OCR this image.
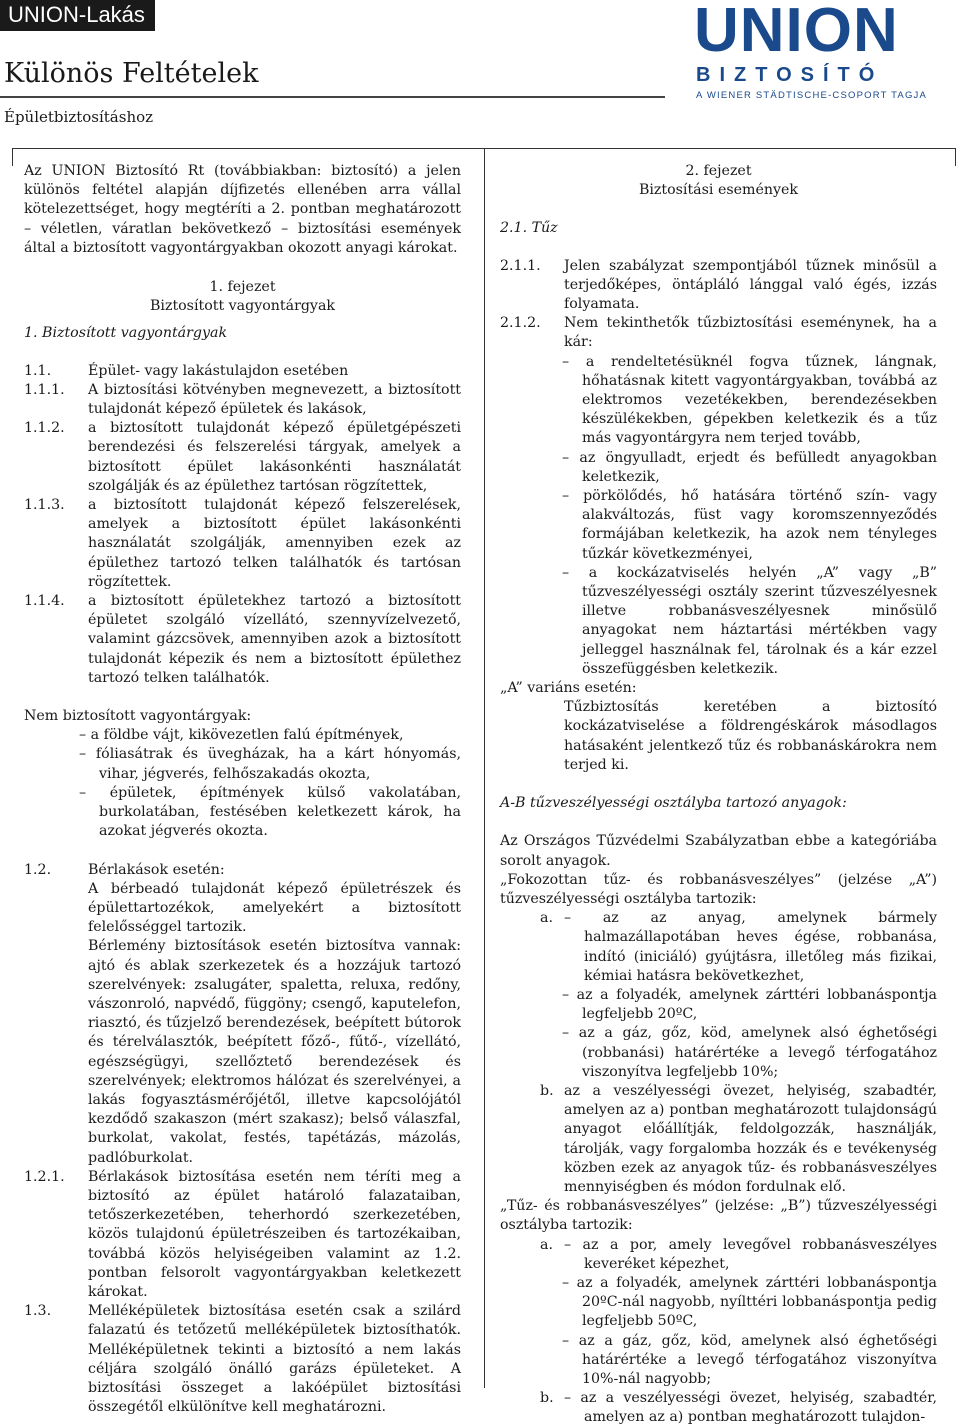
UNION-Lakás
Különös Feltételek
Épületbiztosításhoz
UNION
BIZTOSÍTÓ
A WIENER STÄDTISCHE-CSOPORT TAGJA

Az UNION Biztosító Rt (továbbiakban: biztosító) a jelen különös feltétel alapján díjfizetés ellenében arra vállal kötelezettséget, hogy megtéríti a 2. pontban meghatározott – véletlen, váratlan bekövetkező – biztosítási események által a biztosított vagyontárgyakban okozott anyagi károkat.

1. fejezet

Biztosított vagyontárgyak

1. Biztosított vagyontárgyak

1.1.	Épület- vagy lakástulajdon esetében
1.1.1.	A biztosítási kötvényben megnevezett, a biztosított tulajdonát képező épületek és lakások,
1.1.2.	a biztosított tulajdonát képező épületgépészeti berendezési és felszerelési tárgyak, amelyek a biztosított épület lakásonkénti használatát szolgálják és az épülethez tartósan rögzítettek,
1.1.3.	a biztosított tulajdonát képező felszerelések, amelyek a biztosított épület lakásonkénti használatát szolgálják, amennyiben ezek az épülethez tartozó telken találhatók és tartósan rögzítettek.
1.1.4.	a biztosított épületekhez tartozó a biztosított épületet szolgáló vízellátó, szennyvízelvezető, valamint gázcsövek, amennyiben azok a biztosított tulajdonát képezik és nem a biztosított épülethez tartozó telken találhatók.

Nem biztosított vagyontárgyak:

– a földbe vájt, kikövezetlen falú építmények,

– fóliasátrak és üvegházak, ha a kárt hónyomás, vihar, jégverés, felhőszakadás okozta,

– épületek, építmények külső vakolatában, burkolatában, festésében keletkezett károk, ha azokat jégverés okozta.

1.2.	Bérlakások esetén:

A bérbeadó tulajdonát képező épületrészek és épülettartozékok, amelyekért a biztosított felelősséggel tartozik.

Bérlemény biztosítások esetén biztosítva vannak: ajtó és ablak szerkezetek és a hozzájuk tartozó szerelvények: zsalugáter, spaletta, reluxa, redőny, vászonroló, napvédő, függöny; csengő, kaputelefon, riasztó, és tűzjelző berendezések, beépített bútorok és térelválasztók, beépített főző-, fűtő-, vízellátó, egészségügyi, szellőztető berendezések és szerelvények; elektromos hálózat és szerelvényei, a lakás fogyasztásmérőjétől, illetve kapcsolójától kezdődő szakaszon (mért szakasz); belső válaszfal, burkolat, vakolat, festés, tapétázás, mázolás, padlóburkolat.

1.2.1.	Bérlakások biztosítása esetén nem téríti meg a biztosító az épület határoló falazataiban, tetőszerkezetében, teherhordó szerkezetében, közös tulajdonú épületrészeiben és tartozékaiban, továbbá közös helyiségeiben valamint az 1.2. pontban felsorolt vagyontárgyakban keletkezett károkat.
1.3.	Melléképületek biztosítása esetén csak a szilárd falazatú és tetőzetű melléképületek biztosíthatók. Melléképületnek tekinti a biztosító a nem lakás céljára szolgáló önálló garázs épületeket. A biztosítási összeget a lakóépület biztosítási összegétől elkülönítve kell meghatározni.

2. fejezet

Biztosítási események

2.1. Tűz

2.1.1.	Jelen szabályzat szempontjából tűznek minősül a terjedőképes, öntápláló lánggal való égés, izzás folyamata.
2.1.2.	Nem tekinthetők tűzbiztosítási eseménynek, ha a kár:

– a rendeltetésüknél fogva tűznek, lángnak, hőhatásnak kitett vagyontárgyakban, továbbá az elektromos vezetékekben, berendezésekben készülékekben, gépekben keletkezik és a tűz más vagyontárgyra nem terjed tovább,

– az öngyulladt, erjedt és befülledt anyagokban keletkezik,

– pörkölődés, hő hatására történő szín- vagy alakváltozás, füst vagy koromszennyeződés formájában keletkezik, ha azok nem tényleges tűzkár következményei,

– a kockázatviselés helyén „A” vagy „B” tűzveszélyességi osztály szerint tűzveszélyesnek illetve robbanásveszélyesnek minősülő anyagokat nem háztartási mértékben vagy jelleggel használnak fel, tárolnak és a kár ezzel összefüggésben keletkezik.

„A” variáns esetén:

Tűzbiztosítás keretében a biztosító kockázatviselése a földrengéskárok másodlagos hatásaként jelentkező tűz és robbanáskárokra nem terjed ki.

A-B tűzveszélyességi osztályba tartozó anyagok:

Az Országos Tűzvédelmi Szabályzatban ebbe a kategóriába sorolt anyagok.

„Fokozottan tűz- és robbanásveszélyes” (jelzése „A”) tűzveszélyességi osztályba tartozik:

a. – az az anyag, amelynek bármely halmazállapotában heves égése, robbanása, indító (iniciáló) gyújtásra, illetőleg más fizikai, kémiai hatásra bekövetkezhet,

– az a folyadék, amelynek zárttéri lobbanáspontja legfeljebb 20ºC,

– az a gáz, gőz, köd, amelynek alsó éghetőségi (robbanási) határértéke a levegő térfogatához viszonyítva legfeljebb 10%;

b. az a veszélyességi övezet, helyiség, szabadtér, amelyen az a) pontban meghatározott tulajdonságú anyagot előállítják, feldolgozzák, használják, tárolják, vagy forgalomba hozzák és e tevékenység közben ezek az anyagok tűz- és robbanásveszélyes mennyiségben és módon fordulnak elő.

„Tűz- és robbanásveszélyes” (jelzése: „B”) tűzveszélyességi osztályba tartozik:

a. – az a por, amely levegővel robbanásveszélyes keveréket képezhet,

– az a folyadék, amelynek zárttéri lobbanáspontja 20ºC-nál nagyobb, nyílttéri lobbanáspontja pedig legfeljebb 50ºC,

– az a gáz, gőz, köd, amelynek alsó éghetőségi határértéke a levegő térfogatához viszonyítva 10%-nál nagyobb;

b. – az a veszélyességi övezet, helyiség, szabadtér, amelyen az a) pontban meghatározott tulajdon-
